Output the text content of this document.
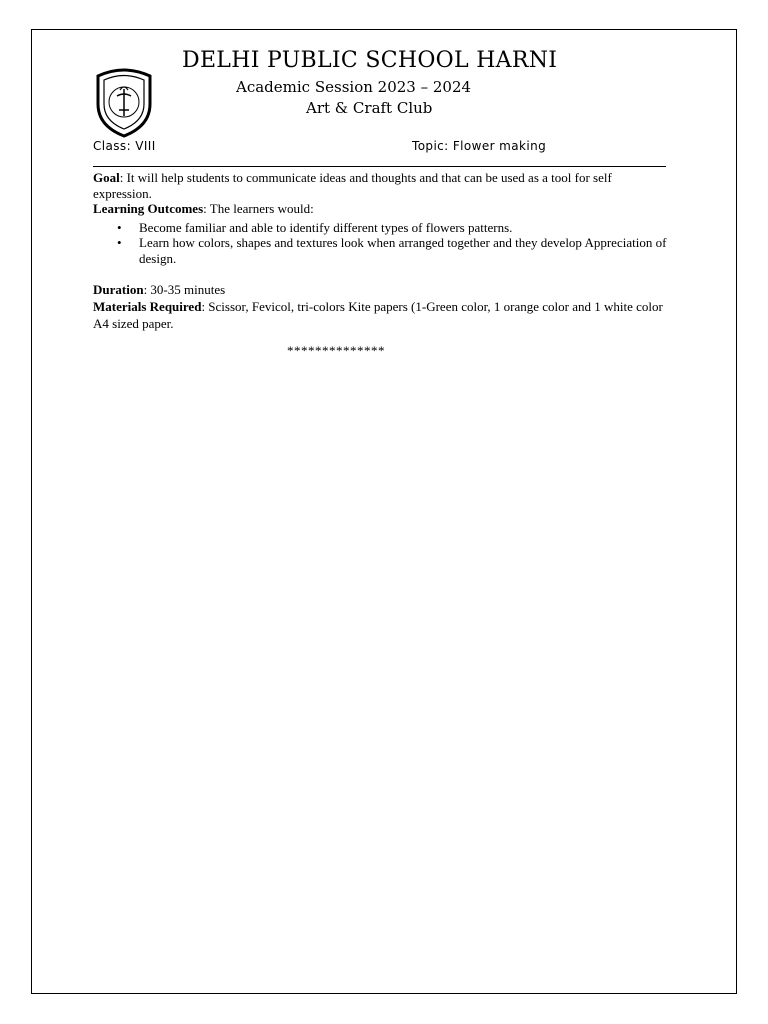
DELHI PUBLIC SCHOOL HARNI
Academic Session 2023 – 2024
Art & Craft Club
Class: VIII	Topic: Flower making

Goal: It will help students to communicate ideas and thoughts and that can be used as a tool for self expression.

Learning Outcomes: The learners would:

• Become familiar and able to identify different types of flowers patterns.
• Learn how colors, shapes and textures look when arranged together and they develop Appreciation of design.

Duration: 30-35 minutes

Materials Required: Scissor, Fevicol, tri-colors Kite papers (1-Green color, 1 orange color and 1 white color A4 sized paper.

**************
